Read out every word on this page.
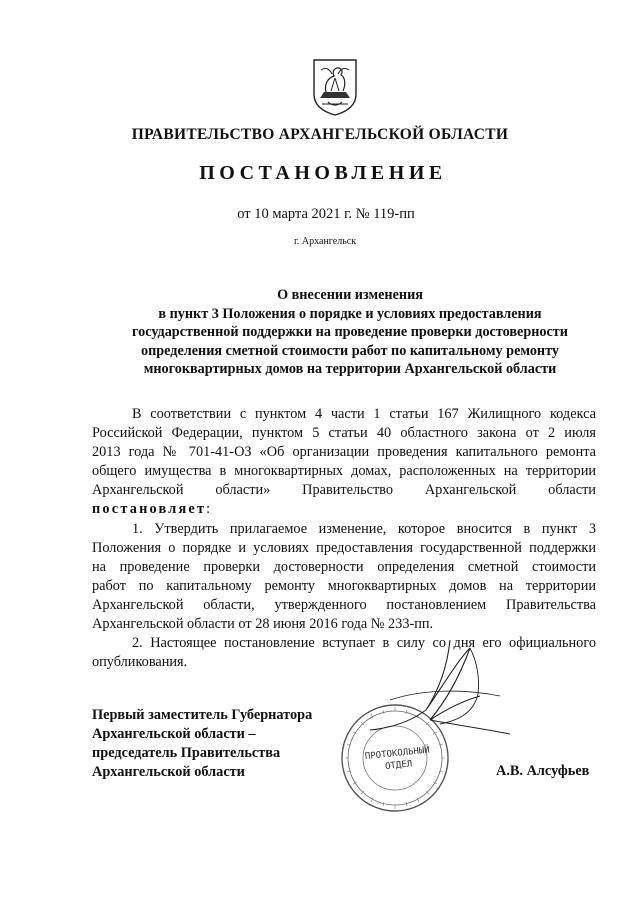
ПРАВИТЕЛЬСТВО АРХАНГЕЛЬСКОЙ ОБЛАСТИ
ПОСТАНОВЛЕНИЕ
от 10 марта 2021 г. № 119-пп
г. Архангельск
О внесении изменения
в пункт 3 Положения о порядке и условиях предоставления
государственной поддержки на проведение проверки достоверности
определения сметной стоимости работ по капитальному ремонту
многоквартирных домов на территории Архангельской области
В соответствии с пунктом 4 части 1 статьи 167 Жилищного кодекса
Российской Федерации, пунктом 5 статьи 40 областного закона от 2 июля
2013 года № 701-41-ОЗ «Об организации проведения капитального ремонта
общего имущества в многоквартирных домах, расположенных на территории
Архангельской области» Правительство Архангельской области
постановляет:
1. Утвердить прилагаемое изменение, которое вносится в пункт 3
Положения о порядке и условиях предоставления государственной поддержки
на проведение проверки достоверности определения сметной стоимости
работ по капитальному ремонту многоквартирных домов на территории
Архангельской области, утвержденного постановлением Правительства
Архангельской области от 28 июня 2016 года № 233-пп.
2. Настоящее постановление вступает в силу со дня его официального
опубликования.
ПРОТОКОЛЬНЫЙ
ОТДЕЛ
Первый заместитель Губернатора
Архангельской области –
председатель Правительства
Архангельской области	А.В. Алсуфьев
